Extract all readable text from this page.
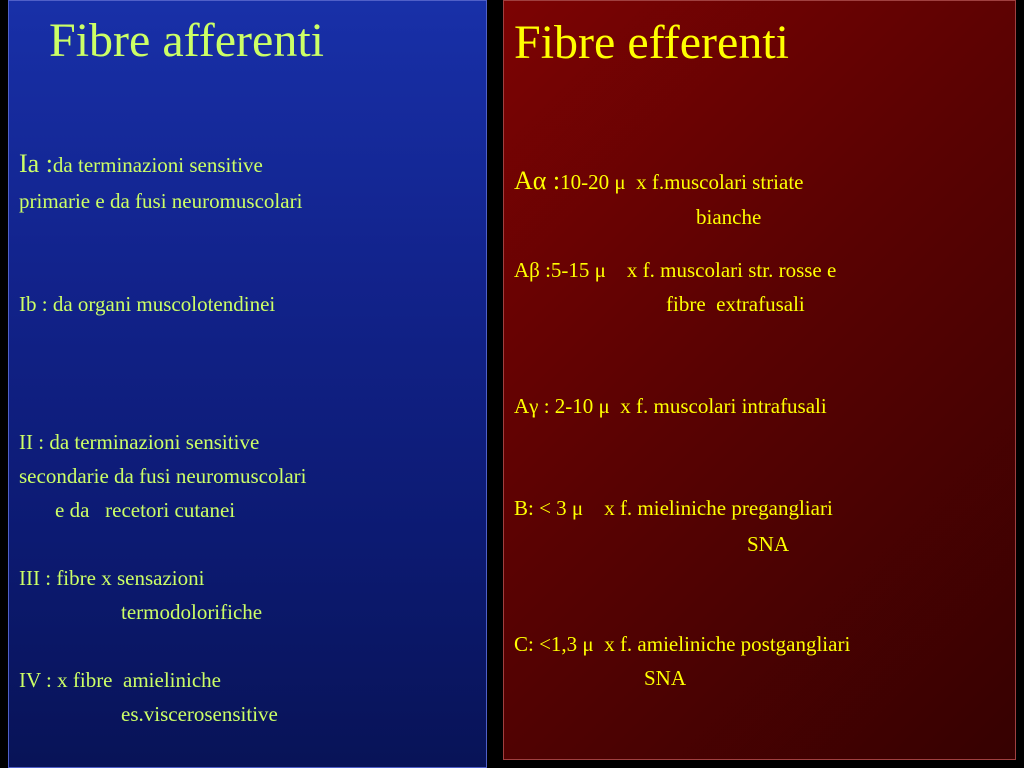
Fibre afferenti
Ia :da terminazioni sensitive
primarie e da fusi neuromuscolari
Ib : da organi muscolotendinei
II : da terminazioni sensitive
secondarie da fusi neuromuscolari
e da   recetori cutanei
III : fibre x sensazioni
termodolorifiche
IV : x fibre  amieliniche
es.viscerosensitive
Fibre efferenti
Aα :10-20 μ  x f.muscolari striate
bianche
Aβ :5-15 μ    x f. muscolari str. rosse e
fibre  extrafusali
Aγ : 2-10 μ  x f. muscolari intrafusali
B: < 3 μ    x f. mieliniche pregangliari
SNA
C: <1,3 μ  x f. amieliniche postgangliari
SNA
